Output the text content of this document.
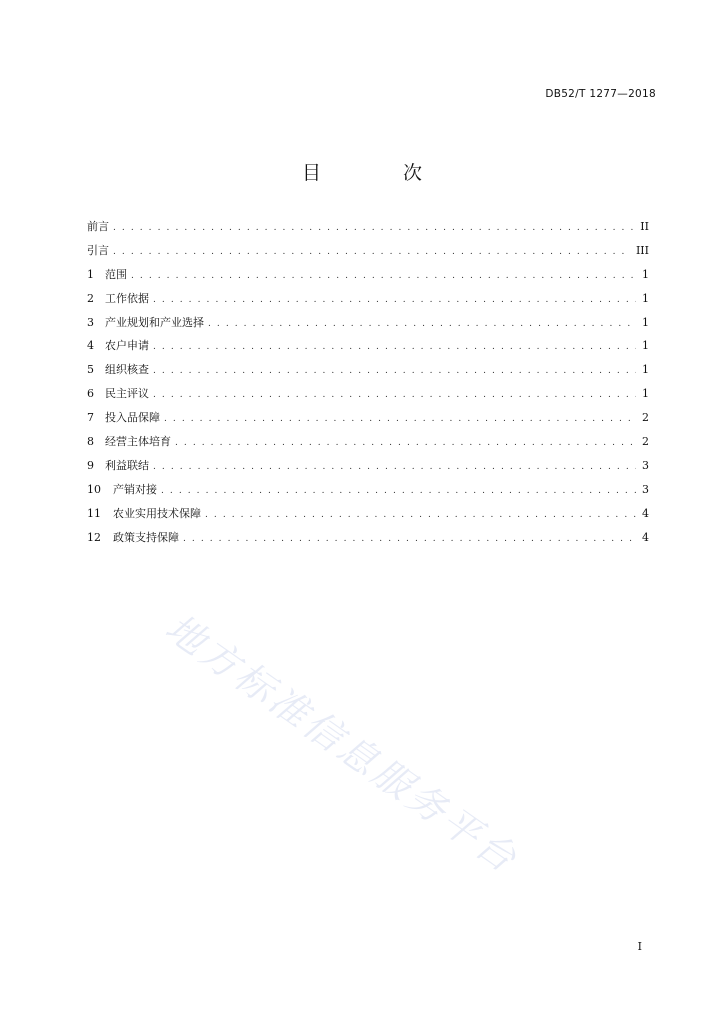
DB52/T 1277—2018
目 次
前言 . . .	II
引言 . . .	III
1	范围 . . .	1
2	工作依据 . . .	1
3	产业规划和产业选择 . . .	1
4	农户申请 . . .	1
5	组织核查 . . .	1
6	民主评议 . . .	1
7	投入品保障 . . .	2
8	经营主体培育 . . .	2
9	利益联结 . . .	3
10	产销对接 . . .	3
11	农业实用技术保障 . . .	4
12	政策支持保障 . . .	4
地方标准信息服务平台
I
